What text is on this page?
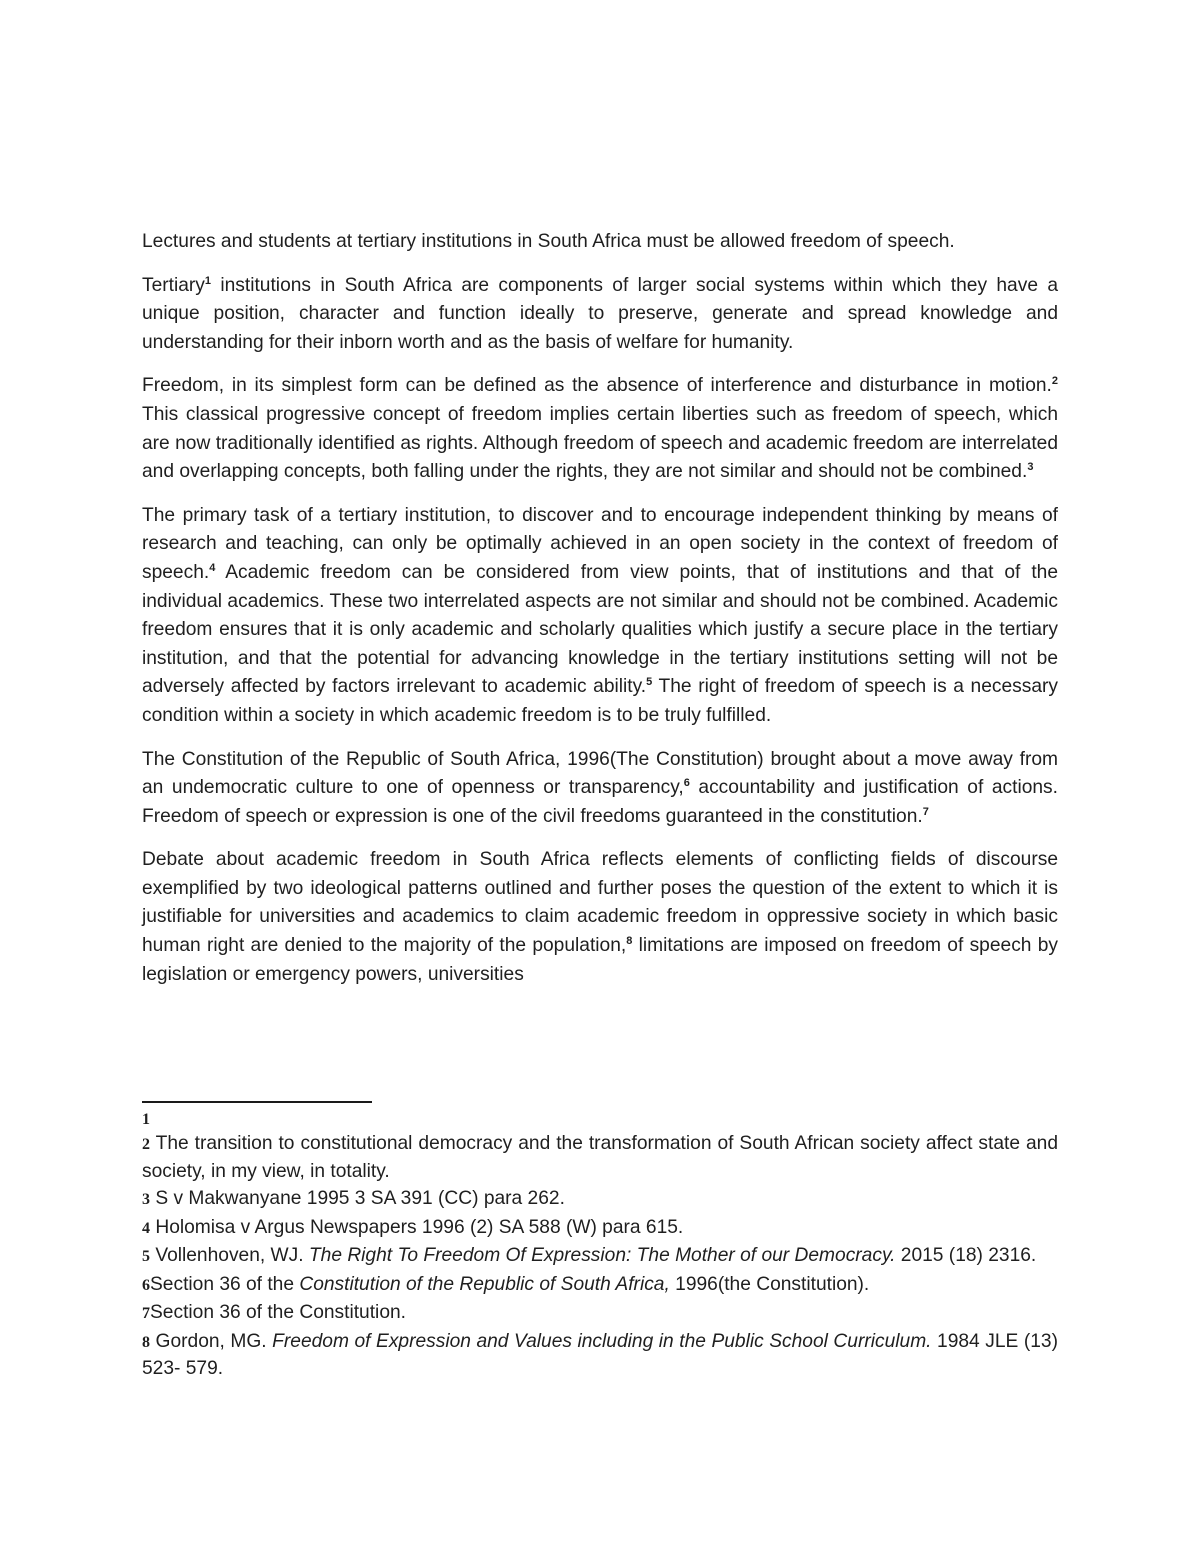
Lectures and students at tertiary institutions in South Africa must be allowed freedom of speech.

Tertiary$^1$ institutions in South Africa are components of larger social systems within which they have a unique position, character and function ideally to preserve, generate and spread knowledge and understanding for their inborn worth and as the basis of welfare for humanity.

Freedom, in its simplest form can be defined as the absence of interference and disturbance in motion.$^2$ This classical progressive concept of freedom implies certain liberties such as freedom of speech, which are now traditionally identified as rights. Although freedom of speech and academic freedom are interrelated and overlapping concepts, both falling under the rights, they are not similar and should not be combined.$^3$

The primary task of a tertiary institution, to discover and to encourage independent thinking by means of research and teaching, can only be optimally achieved in an open society in the context of freedom of speech.$^4$ Academic freedom can be considered from view points, that of institutions and that of the individual academics. These two interrelated aspects are not similar and should not be combined. Academic freedom ensures that it is only academic and scholarly qualities which justify a secure place in the tertiary institution, and that the potential for advancing knowledge in the tertiary institutions setting will not be adversely affected by factors irrelevant to academic ability.$^5$ The right of freedom of speech is a necessary condition within a society in which academic freedom is to be truly fulfilled.

The Constitution of the Republic of South Africa, 1996(The Constitution) brought about a move away from an undemocratic culture to one of openness or transparency,$^6$ accountability and justification of actions. Freedom of speech or expression is one of the civil freedoms guaranteed in the constitution.$^7$

Debate about academic freedom in South Africa reflects elements of conflicting fields of discourse exemplified by two ideological patterns outlined and further poses the question of the extent to which it is justifiable for universities and academics to claim academic freedom in oppressive society in which basic human right are denied to the majority of the population,$^8$ limitations are imposed on freedom of speech by legislation or emergency powers, universities

1

2 The transition to constitutional democracy and the transformation of South African society affect state and society, in my view, in totality.

3 S v Makwanyane 1995 3 SA 391 (CC) para 262.

4 Holomisa v Argus Newspapers 1996 (2) SA 588 (W) para 615.

5 Vollenhoven, WJ. The Right To Freedom Of Expression: The Mother of our Democracy. 2015 (18) 2316.

6Section 36 of the Constitution of the Republic of South Africa, 1996(the Constitution).

7Section 36 of the Constitution.

8 Gordon, MG. Freedom of Expression and Values including in the Public School Curriculum. 1984 JLE (13) 523- 579.
